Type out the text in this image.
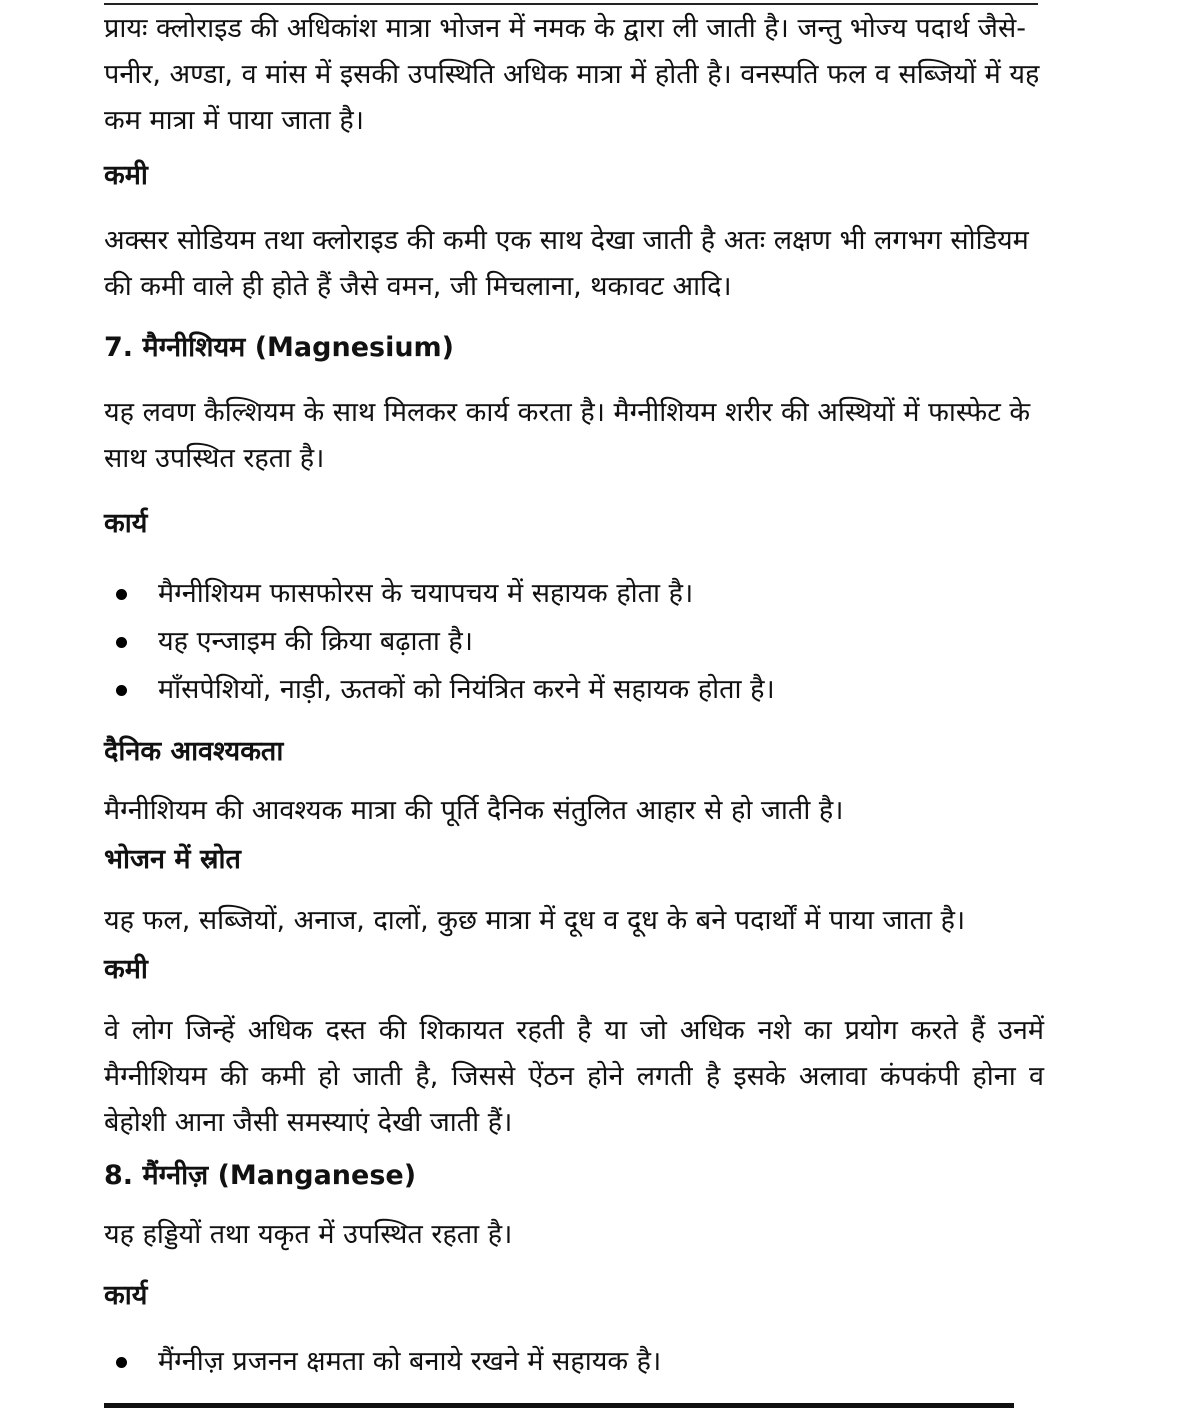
प्रायः क्लोराइड की अधिकांश मात्रा भोजन में नमक के द्वारा ली जाती है। जन्तु भोज्य पदार्थ जैसे- पनीर, अण्डा, व मांस में इसकी उपस्थिति अधिक मात्रा में होती है। वनस्पति फल व सब्जियों में यह कम मात्रा में पाया जाता है।

कमी

अक्सर सोडियम तथा क्लोराइड की कमी एक साथ देखा जाती है अतः लक्षण भी लगभग सोडियम की कमी वाले ही होते हैं जैसे वमन, जी मिचलाना, थकावट आदि।

7. मैग्नीशियम (Magnesium)

यह लवण कैल्शियम के साथ मिलकर कार्य करता है। मैग्नीशियम शरीर की अस्थियों में फास्फेट के साथ उपस्थित रहता है।

कार्य
मैग्नीशियम फासफोरस के चयापचय में सहायक होता है।
यह एन्जाइम की क्रिया बढ़ाता है।
माँसपेशियों, नाड़ी, ऊतकों को नियंत्रित करने में सहायक होता है।
दैनिक आवश्यकता

मैग्नीशियम की आवश्यक मात्रा की पूर्ति दैनिक संतुलित आहार से हो जाती है।

भोजन में स्रोत

यह फल, सब्जियों, अनाज, दालों, कुछ मात्रा में दूध व दूध के बने पदार्थों में पाया जाता है।

कमी

वे लोग जिन्हें अधिक दस्त की शिकायत रहती है या जो अधिक नशे का प्रयोग करते हैं उनमें मैग्नीशियम की कमी हो जाती है, जिससे ऐंठन होने लगती है इसके अलावा कंपकंपी होना व बेहोशी आना जैसी समस्याएं देखी जाती हैं।

8. मैंग्नीज़ (Manganese)

यह हड्डियों तथा यकृत में उपस्थित रहता है।

कार्य
मैंग्नीज़ प्रजनन क्षमता को बनाये रखने में सहायक है।
